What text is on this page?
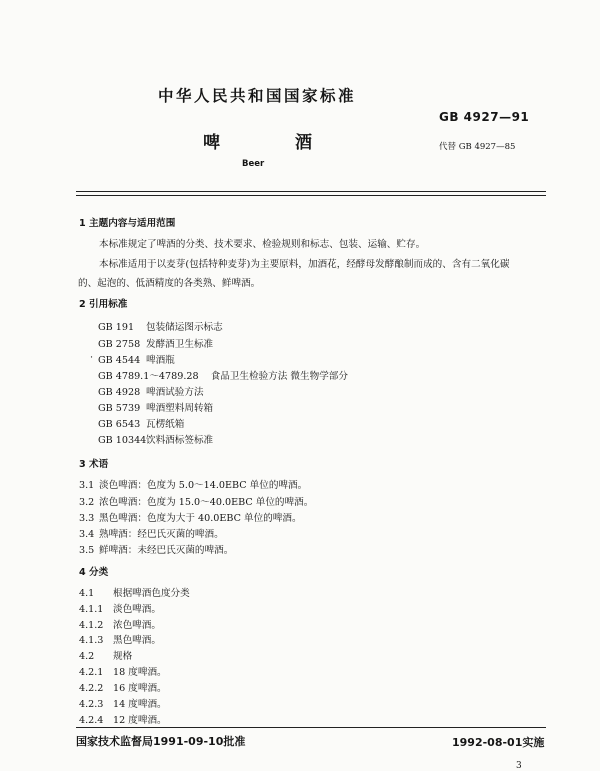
中华人民共和国国家标准
GB 4927—91
啤	酒	代替 GB 4927—85
Beer
1 主题内容与适用范围
本标准规定了啤酒的分类、技术要求、检验规则和标志、包装、运输、贮存。
本标准适用于以麦芽(包括特种麦芽)为主要原料，加酒花，经酵母发酵酿制而成的、含有二氧化碳
的、起泡的、低酒精度的各类熟、鲜啤酒。
2 引用标准
GB 191 包装储运图示标志
GB 2758 发酵酒卫生标准
· GB 4544 啤酒瓶
GB 4789.1～4789.28 食品卫生检验方法 微生物学部分
GB 4928 啤酒试验方法
GB 5739 啤酒塑料周转箱
GB 6543 瓦楞纸箱
GB 10344饮料酒标签标准
3 术语
3.1 淡色啤酒：色度为 5.0～14.0EBC 单位的啤酒。
3.2 浓色啤酒：色度为 15.0～40.0EBC 单位的啤酒。
3.3 黑色啤酒：色度为大于 40.0EBC 单位的啤酒。
3.4 熟啤酒：经巴氏灭菌的啤酒。
3.5 鲜啤酒：未经巴氏灭菌的啤酒。
4 分类
4.1 根据啤酒色度分类
4.1.1 淡色啤酒。
4.1.2 浓色啤酒。
4.1.3 黑色啤酒。
4.2 规格
4.2.1 18 度啤酒。
4.2.2 16 度啤酒。
4.2.3 14 度啤酒。
4.2.4 12 度啤酒。
国家技术监督局1991-09-10批准	1992-08-01实施
3
